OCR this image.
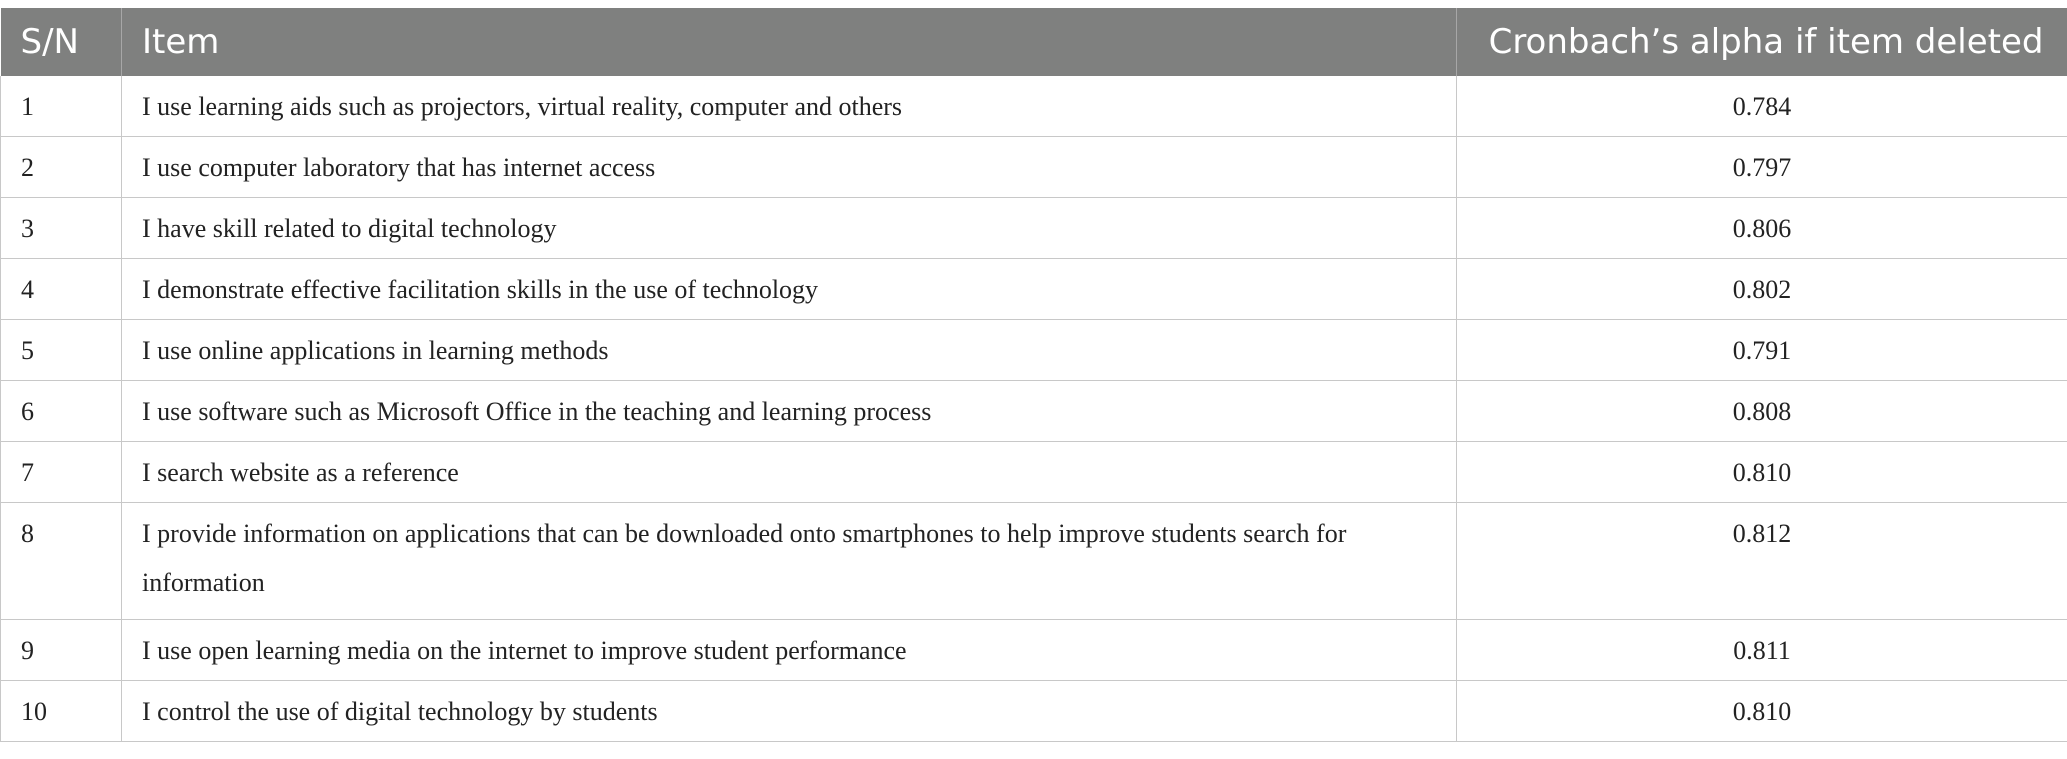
S/N	Item	Cronbach’s alpha if item deleted
1	I use learning aids such as projectors, virtual reality, computer and others	0.784
2	I use computer laboratory that has internet access	0.797
3	I have skill related to digital technology	0.806
4	I demonstrate effective facilitation skills in the use of technology	0.802
5	I use online applications in learning methods	0.791
6	I use software such as Microsoft Office in the teaching and learning process	0.808
7	I search website as a reference	0.810
8	I provide information on applications that can be downloaded onto smartphones to help improve students search for information	0.812
9	I use open learning media on the internet to improve student performance	0.811
10	I control the use of digital technology by students	0.810
